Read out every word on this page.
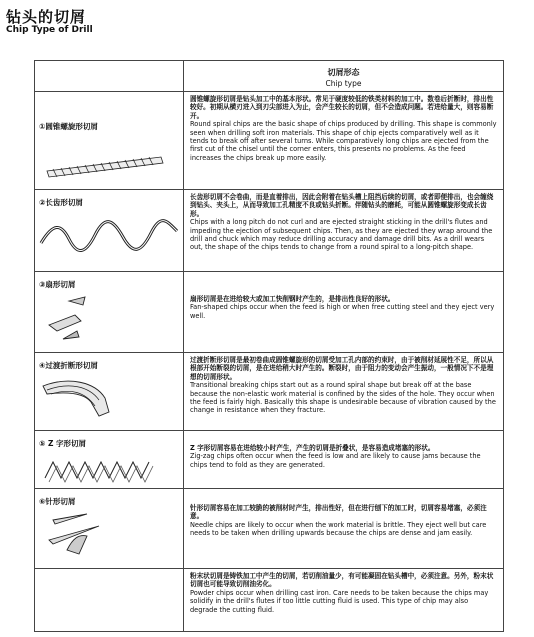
钻头的切屑
Chip Type of Drill
切屑形态
Chip type
①圆锥螺旋形切屑

圆锥螺旋形切屑是钻头加工中的基本形状。常见于硬度较低的铁类材料的加工中。数卷后折断时，排出性较好。初期从横刃进入到刃尖部进入为止，会产生较长的切屑，但不会造成问题。若进给量大，则容易断开。

Round spiral chips are the basic shape of chips produced by drilling. This shape is commonly seen when drilling soft iron materials. This shape of chip ejects comparatively well as it tends to break off after several turns. While comparatively long chips are ejected from the first cut of the chisel until the corner enters, this presents no problems. As the feed increases the chips break up more easily.

②长齿形切屑

长齿形切屑不会卷曲，而是直着排出，因此会附着在钻头槽上阻挡后续的切屑，或者即便排出，也会缠绕到钻头、夹头上，从而导致加工孔精度不良或钻头折断。伴随钻头的磨耗，可能从圆锥螺旋形变成长齿形。

Chips with a long pitch do not curl and are ejected straight sticking in the drill's flutes and impeding the ejection of subsequent chips. Then, as they are ejected they wrap around the drill and chuck which may reduce drilling accuracy and damage drill bits. As a drill wears out, the shape of the chips tends to change from a round spiral to a long-pitch shape.

③扇形切屑

扇形切屑是在进给较大或加工快削钢时产生的，是排出性良好的形状。

Fan-shaped chips occur when the feed is high or when free cutting steel and they eject very well.

④过渡折断形切屑

过渡折断形切屑是最初卷曲成圆锥螺旋形的切屑受加工孔内部的约束时，由于被削材延展性不足，所以从根部开始断裂的切屑，是在进给稍大时产生的。断裂时，由于阻力的变动会产生振动，一般情况下不是理想的切屑形状。

Transitional breaking chips start out as a round spiral shape but break off at the base because the non-elastic work material is confined by the sides of the hole. They occur when the feed is fairly high. Basically this shape is undesirable because of vibration caused by the change in resistance when they fracture.

⑤ Z 字形切屑	Z 字形切屑容易在进给较小时产生，产生的切屑是折叠状，是容易造成堵塞的形状。

Zig-zag chips often occur when the feed is low and are likely to cause jams because the chips tend to fold as they are generated.

⑥针形切屑

针形切屑容易在加工较脆的被削材时产生，排出性好，但在进行刨下的加工时，切屑容易堵塞，必须注意。

Needle chips are likely to occur when the work material is brittle. They eject well but care needs to be taken when drilling upwards because the chips are dense and jam easily.

粉末状切屑是铸铁加工中产生的切屑，若切削油量少，有可能凝固在钻头槽中，必须注意。另外，粉末状切屑也可能导致切削油劣化。

Powder chips occur when drilling cast iron. Care needs to be taken because the chips may solidify in the drill's flutes if too little cutting fluid is used. This type of chip may also degrade the cutting fluid.
